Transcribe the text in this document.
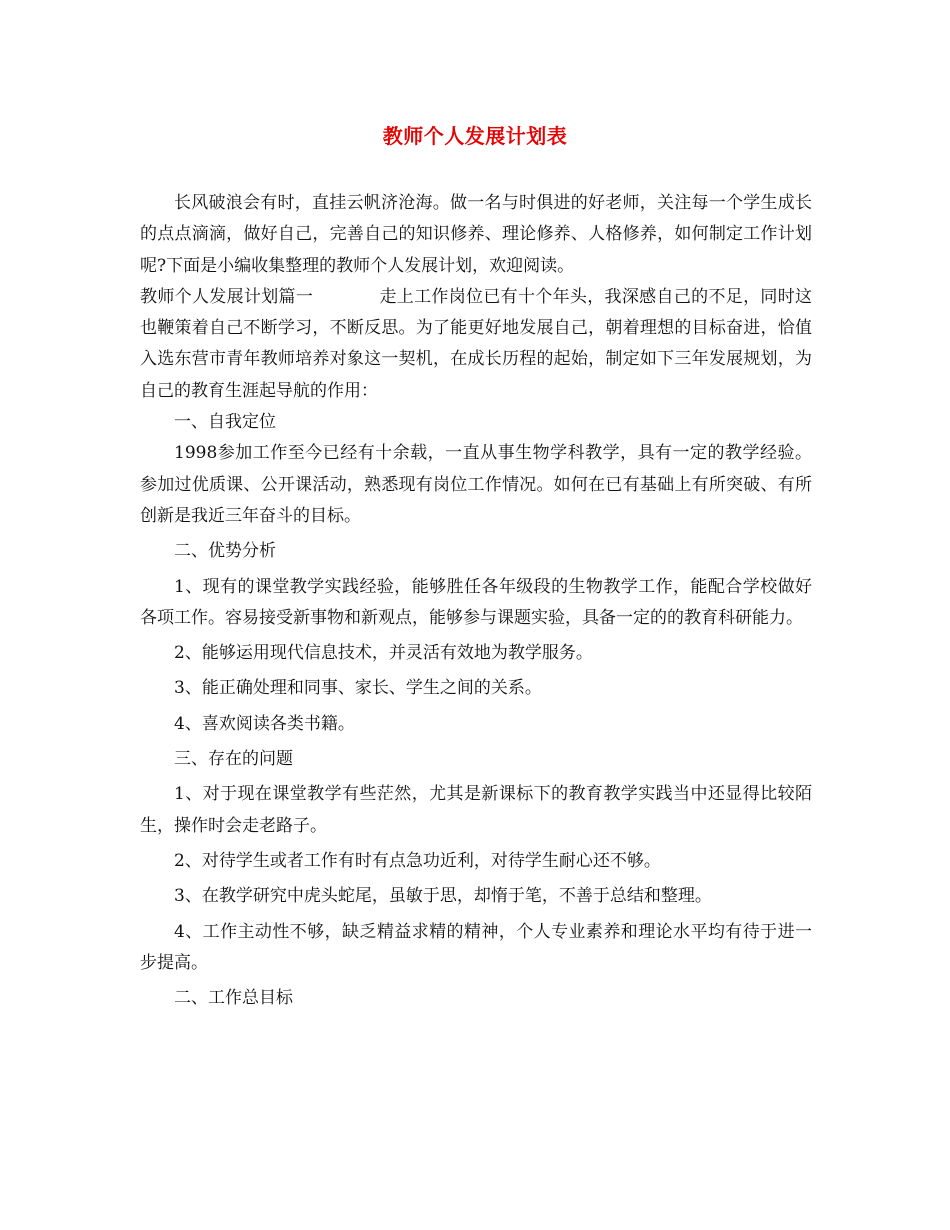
教师个人发展计划表

长风破浪会有时，直挂云帆济沧海。做一名与时俱进的好老师，关注每一个学生成长的点点滴滴，做好自己，完善自己的知识修养、理论修养、人格修养，如何制定工作计划呢?下面是小编收集整理的教师个人发展计划，欢迎阅读。

教师个人发展计划篇一	走上工作岗位已有十个年头，我深感自己的不足，同时这也鞭策着自己不断学习，不断反思。为了能更好地发展自己，朝着理想的目标奋进，恰值入选东营市青年教师培养对象这一契机，在成长历程的起始，制定如下三年发展规划，为自己的教育生涯起导航的作用：

一、自我定位

1998参加工作至今已经有十余载，一直从事生物学科教学，具有一定的教学经验。参加过优质课、公开课活动，熟悉现有岗位工作情况。如何在已有基础上有所突破、有所创新是我近三年奋斗的目标。

二、优势分析

1、现有的课堂教学实践经验，能够胜任各年级段的生物教学工作，能配合学校做好各项工作。容易接受新事物和新观点，能够参与课题实验，具备一定的的教育科研能力。

2、能够运用现代信息技术，并灵活有效地为教学服务。

3、能正确处理和同事、家长、学生之间的关系。

4、喜欢阅读各类书籍。

三、存在的问题

1、对于现在课堂教学有些茫然，尤其是新课标下的教育教学实践当中还显得比较陌生，操作时会走老路子。

2、对待学生或者工作有时有点急功近利，对待学生耐心还不够。

3、在教学研究中虎头蛇尾，虽敏于思，却惰于笔，不善于总结和整理。

4、工作主动性不够，缺乏精益求精的精神，个人专业素养和理论水平均有待于进一步提高。

二、工作总目标
